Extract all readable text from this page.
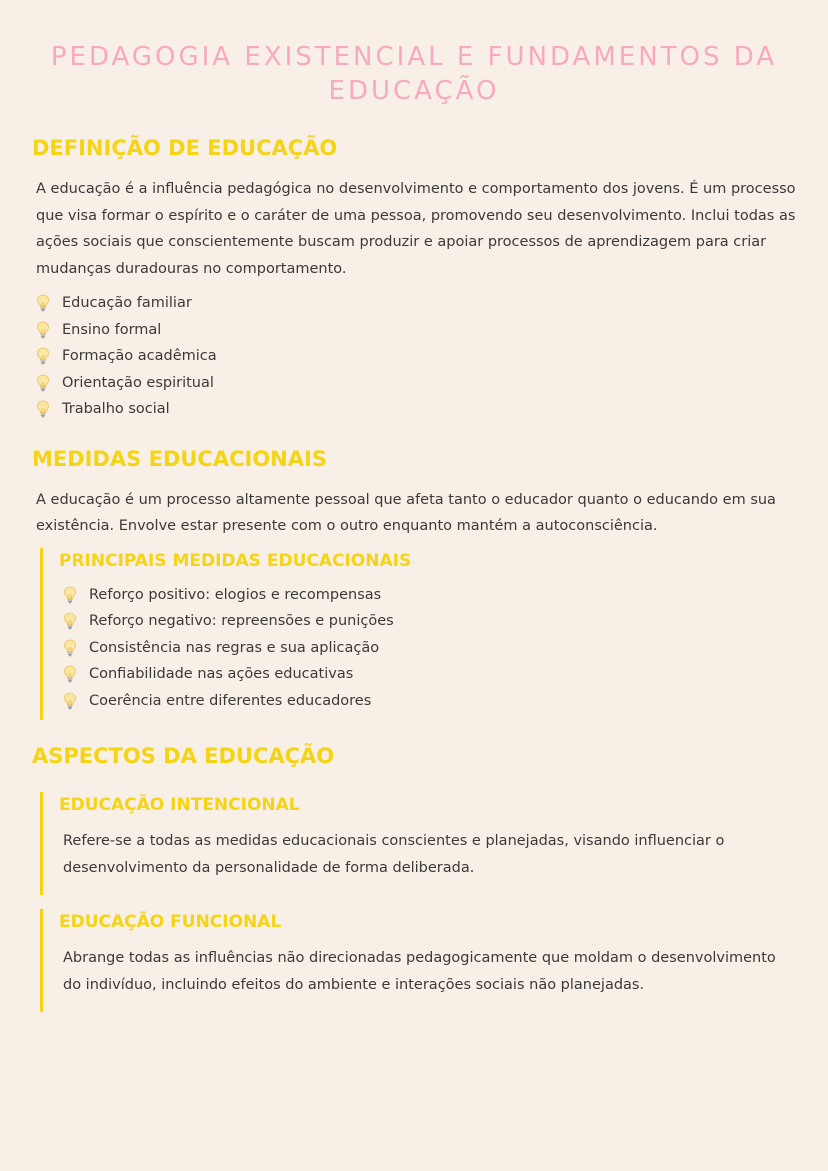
PEDAGOGIA EXISTENCIAL E FUNDAMENTOS DA EDUCAÇÃO
DEFINIÇÃO DE EDUCAÇÃO

A educação é a influência pedagógica no desenvolvimento e comportamento dos jovens. É um processo que visa formar o espírito e o caráter de uma pessoa, promovendo seu desenvolvimento. Inclui todas as ações sociais que conscientemente buscam produzir e apoiar processos de aprendizagem para criar mudanças duradouras no comportamento.

Educação familiar
Ensino formal
Formação acadêmica
Orientação espiritual
Trabalho social
MEDIDAS EDUCACIONAIS

A educação é um processo altamente pessoal que afeta tanto o educador quanto o educando em sua existência. Envolve estar presente com o outro enquanto mantém a autoconsciência.

PRINCIPAIS MEDIDAS EDUCACIONAIS
Reforço positivo: elogios e recompensas
Reforço negativo: repreensões e punições
Consistência nas regras e sua aplicação
Confiabilidade nas ações educativas
Coerência entre diferentes educadores
ASPECTOS DA EDUCAÇÃO
EDUCAÇÃO INTENCIONAL

Refere-se a todas as medidas educacionais conscientes e planejadas, visando influenciar o desenvolvimento da personalidade de forma deliberada.

EDUCAÇÃO FUNCIONAL

Abrange todas as influências não direcionadas pedagogicamente que moldam o desenvolvimento do indivíduo, incluindo efeitos do ambiente e interações sociais não planejadas.
